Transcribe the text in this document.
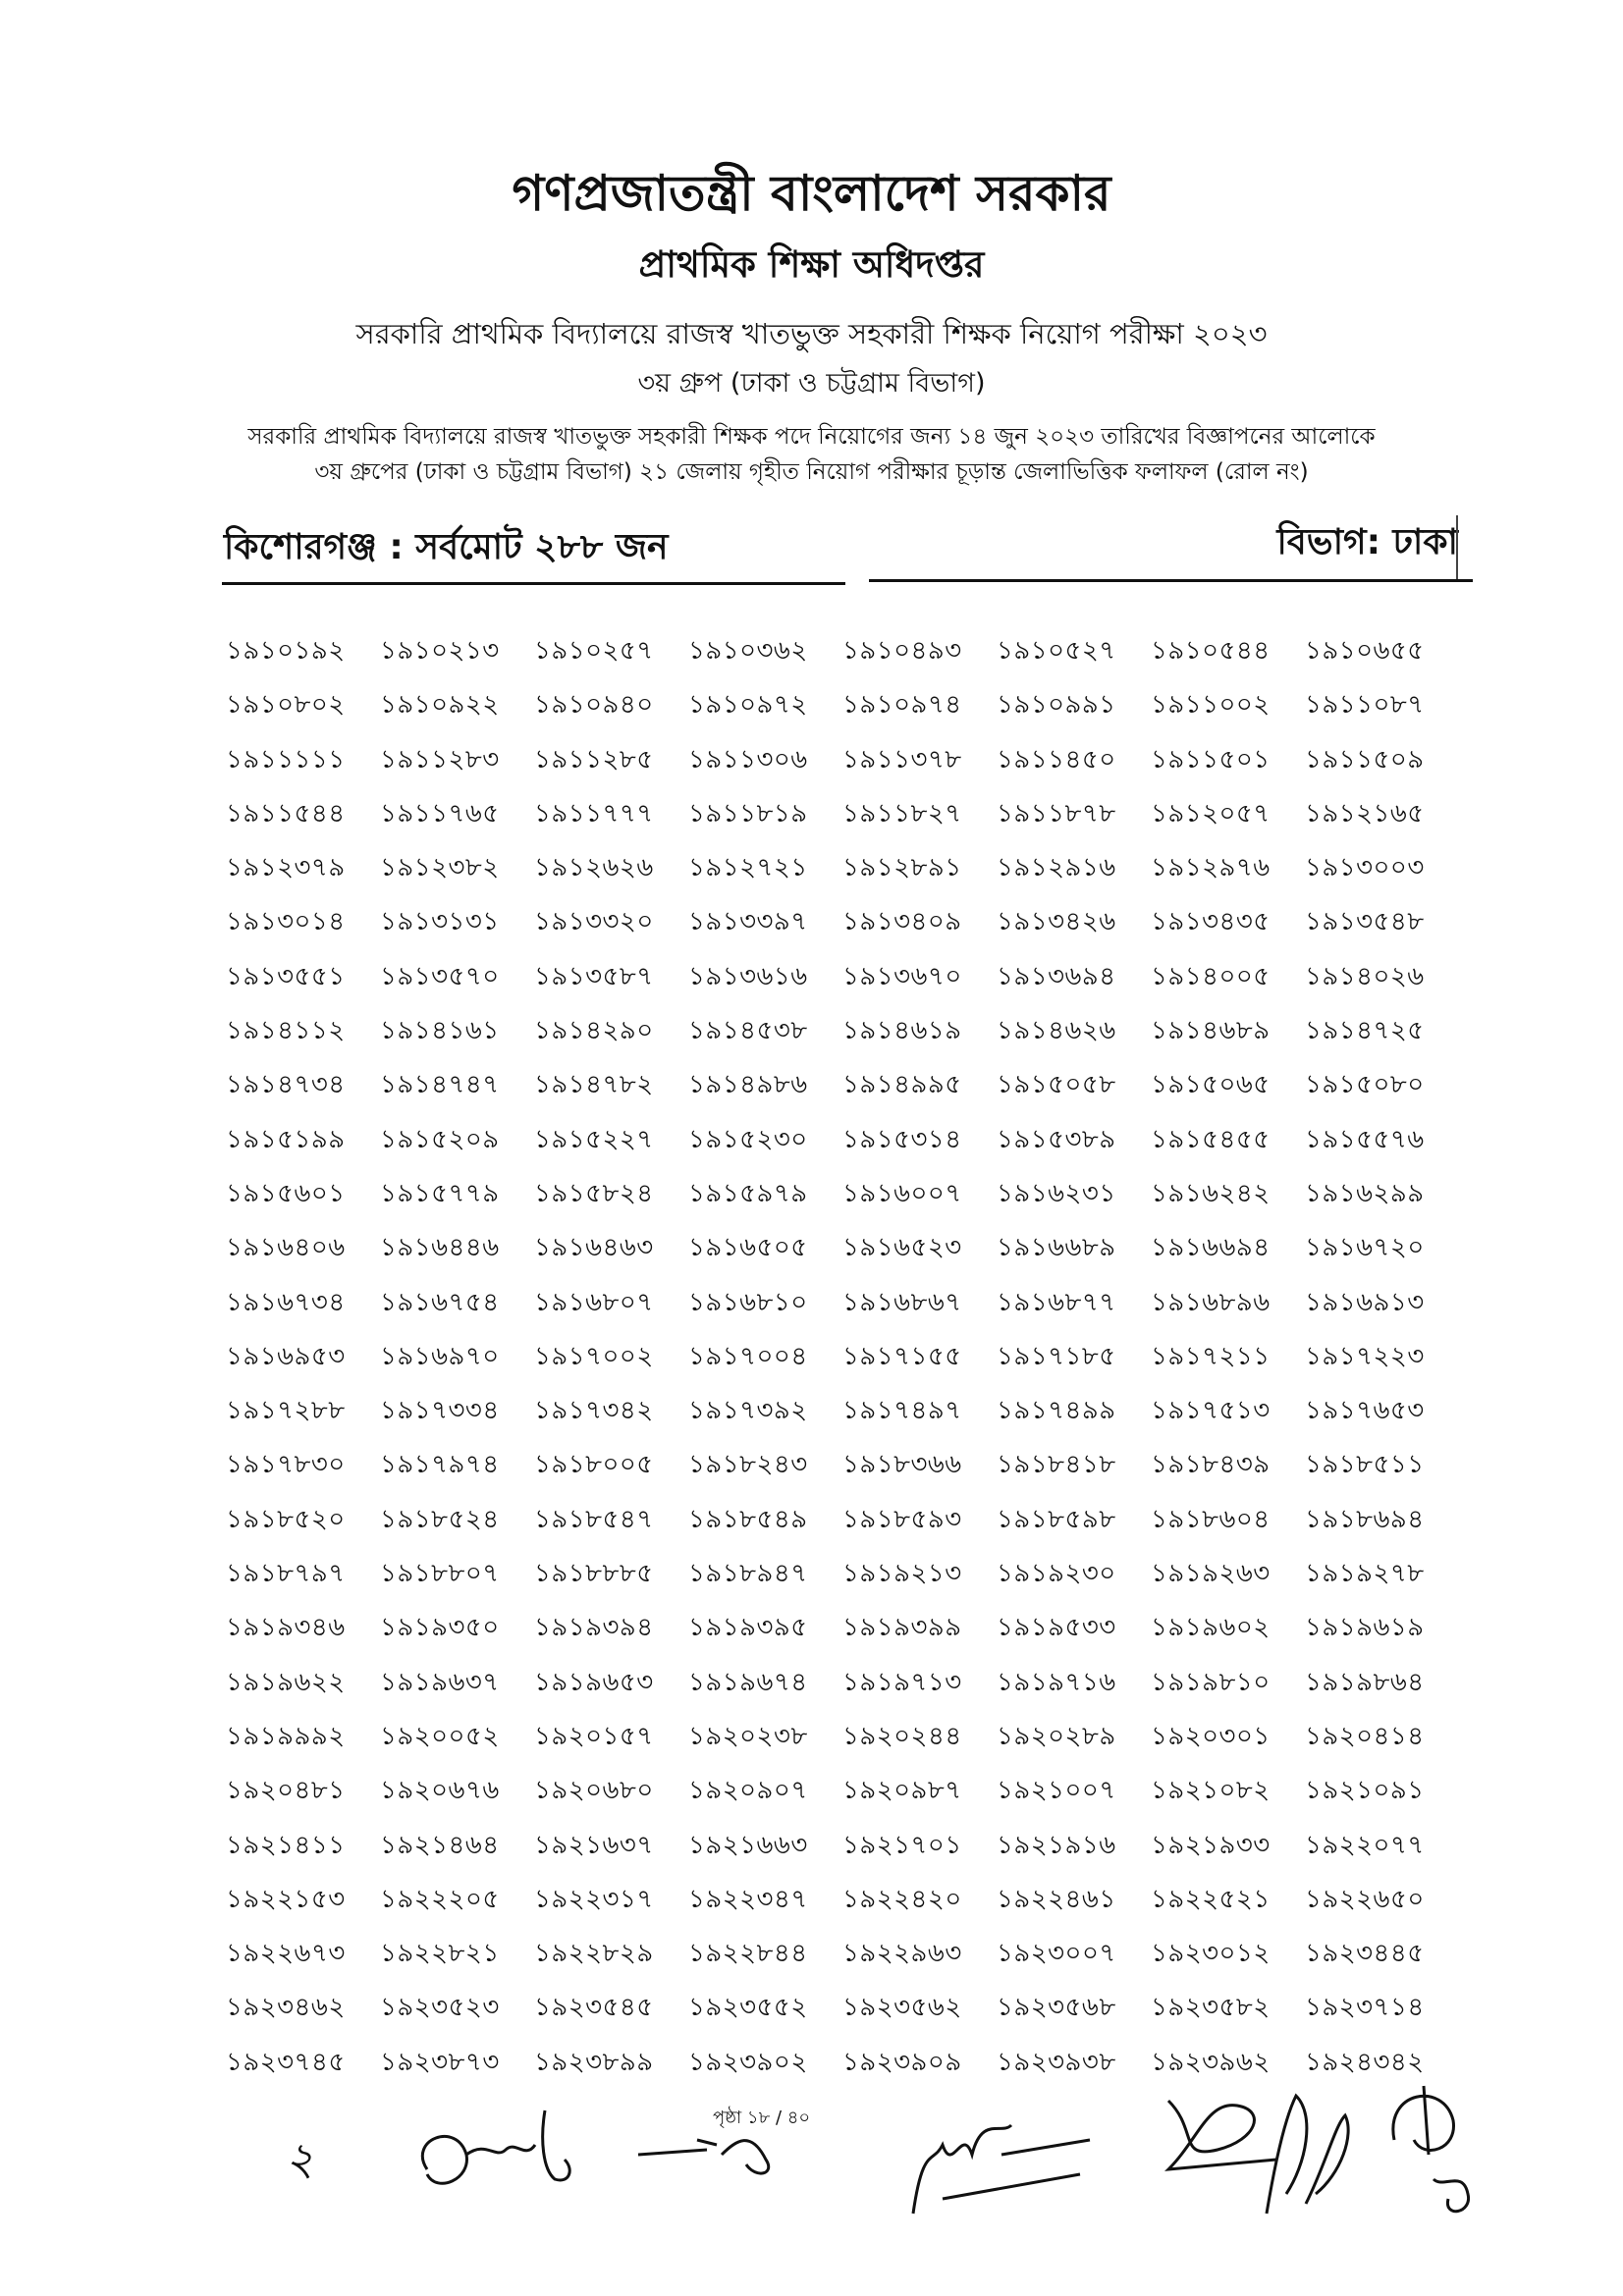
গণপ্রজাতন্ত্রী বাংলাদেশ সরকার
প্রাথমিক শিক্ষা অধিদপ্তর
সরকারি প্রাথমিক বিদ্যালয়ে রাজস্ব খাতভুক্ত সহকারী শিক্ষক নিয়োগ পরীক্ষা ২০২৩
৩য় গ্রুপ (ঢাকা ও চট্টগ্রাম বিভাগ)
সরকারি প্রাথমিক বিদ্যালয়ে রাজস্ব খাতভুক্ত সহকারী শিক্ষক পদে নিয়োগের জন্য ১৪ জুন ২০২৩ তারিখের বিজ্ঞাপনের আলোকে
৩য় গ্রুপের (ঢাকা ও চট্টগ্রাম বিভাগ) ২১ জেলায় গৃহীত নিয়োগ পরীক্ষার চূড়ান্ত জেলাভিত্তিক ফলাফল (রোল নং)
কিশোরগঞ্জ : সর্বমোট ২৮৮ জন	বিভাগ: ঢাকা
১৯১০১৯২	১৯১০২১৩	১৯১০২৫৭	১৯১০৩৬২	১৯১০৪৯৩	১৯১০৫২৭	১৯১০৫৪৪	১৯১০৬৫৫
১৯১০৮০২	১৯১০৯২২	১৯১০৯৪০	১৯১০৯৭২	১৯১০৯৭৪	১৯১০৯৯১	১৯১১০০২	১৯১১০৮৭
১৯১১১১১	১৯১১২৮৩	১৯১১২৮৫	১৯১১৩০৬	১৯১১৩৭৮	১৯১১৪৫০	১৯১১৫০১	১৯১১৫০৯
১৯১১৫৪৪	১৯১১৭৬৫	১৯১১৭৭৭	১৯১১৮১৯	১৯১১৮২৭	১৯১১৮৭৮	১৯১২০৫৭	১৯১২১৬৫
১৯১২৩৭৯	১৯১২৩৮২	১৯১২৬২৬	১৯১২৭২১	১৯১২৮৯১	১৯১২৯১৬	১৯১২৯৭৬	১৯১৩০০৩
১৯১৩০১৪	১৯১৩১৩১	১৯১৩৩২০	১৯১৩৩৯৭	১৯১৩৪০৯	১৯১৩৪২৬	১৯১৩৪৩৫	১৯১৩৫৪৮
১৯১৩৫৫১	১৯১৩৫৭০	১৯১৩৫৮৭	১৯১৩৬১৬	১৯১৩৬৭০	১৯১৩৬৯৪	১৯১৪০০৫	১৯১৪০২৬
১৯১৪১১২	১৯১৪১৬১	১৯১৪২৯০	১৯১৪৫৩৮	১৯১৪৬১৯	১৯১৪৬২৬	১৯১৪৬৮৯	১৯১৪৭২৫
১৯১৪৭৩৪	১৯১৪৭৪৭	১৯১৪৭৮২	১৯১৪৯৮৬	১৯১৪৯৯৫	১৯১৫০৫৮	১৯১৫০৬৫	১৯১৫০৮০
১৯১৫১৯৯	১৯১৫২০৯	১৯১৫২২৭	১৯১৫২৩০	১৯১৫৩১৪	১৯১৫৩৮৯	১৯১৫৪৫৫	১৯১৫৫৭৬
১৯১৫৬০১	১৯১৫৭৭৯	১৯১৫৮২৪	১৯১৫৯৭৯	১৯১৬০০৭	১৯১৬২৩১	১৯১৬২৪২	১৯১৬২৯৯
১৯১৬৪০৬	১৯১৬৪৪৬	১৯১৬৪৬৩	১৯১৬৫০৫	১৯১৬৫২৩	১৯১৬৬৮৯	১৯১৬৬৯৪	১৯১৬৭২০
১৯১৬৭৩৪	১৯১৬৭৫৪	১৯১৬৮০৭	১৯১৬৮১০	১৯১৬৮৬৭	১৯১৬৮৭৭	১৯১৬৮৯৬	১৯১৬৯১৩
১৯১৬৯৫৩	১৯১৬৯৭০	১৯১৭০০২	১৯১৭০০৪	১৯১৭১৫৫	১৯১৭১৮৫	১৯১৭২১১	১৯১৭২২৩
১৯১৭২৮৮	১৯১৭৩৩৪	১৯১৭৩৪২	১৯১৭৩৯২	১৯১৭৪৯৭	১৯১৭৪৯৯	১৯১৭৫১৩	১৯১৭৬৫৩
১৯১৭৮৩০	১৯১৭৯৭৪	১৯১৮০০৫	১৯১৮২৪৩	১৯১৮৩৬৬	১৯১৮৪১৮	১৯১৮৪৩৯	১৯১৮৫১১
১৯১৮৫২০	১৯১৮৫২৪	১৯১৮৫৪৭	১৯১৮৫৪৯	১৯১৮৫৯৩	১৯১৮৫৯৮	১৯১৮৬০৪	১৯১৮৬৯৪
১৯১৮৭৯৭	১৯১৮৮০৭	১৯১৮৮৮৫	১৯১৮৯৪৭	১৯১৯২১৩	১৯১৯২৩০	১৯১৯২৬৩	১৯১৯২৭৮
১৯১৯৩৪৬	১৯১৯৩৫০	১৯১৯৩৯৪	১৯১৯৩৯৫	১৯১৯৩৯৯	১৯১৯৫৩৩	১৯১৯৬০২	১৯১৯৬১৯
১৯১৯৬২২	১৯১৯৬৩৭	১৯১৯৬৫৩	১৯১৯৬৭৪	১৯১৯৭১৩	১৯১৯৭১৬	১৯১৯৮১০	১৯১৯৮৬৪
১৯১৯৯৯২	১৯২০০৫২	১৯২০১৫৭	১৯২০২৩৮	১৯২০২৪৪	১৯২০২৮৯	১৯২০৩০১	১৯২০৪১৪
১৯২০৪৮১	১৯২০৬৭৬	১৯২০৬৮০	১৯২০৯০৭	১৯২০৯৮৭	১৯২১০০৭	১৯২১০৮২	১৯২১০৯১
১৯২১৪১১	১৯২১৪৬৪	১৯২১৬৩৭	১৯২১৬৬৩	১৯২১৭০১	১৯২১৯১৬	১৯২১৯৩৩	১৯২২০৭৭
১৯২২১৫৩	১৯২২২০৫	১৯২২৩১৭	১৯২২৩৪৭	১৯২২৪২০	১৯২২৪৬১	১৯২২৫২১	১৯২২৬৫০
১৯২২৬৭৩	১৯২২৮২১	১৯২২৮২৯	১৯২২৮৪৪	১৯২২৯৬৩	১৯২৩০০৭	১৯২৩০১২	১৯২৩৪৪৫
১৯২৩৪৬২	১৯২৩৫২৩	১৯২৩৫৪৫	১৯২৩৫৫২	১৯২৩৫৬২	১৯২৩৫৬৮	১৯২৩৫৮২	১৯২৩৭১৪
১৯২৩৭৪৫	১৯২৩৮৭৩	১৯২৩৮৯৯	১৯২৩৯০২	১৯২৩৯০৯	১৯২৩৯৩৮	১৯২৩৯৬২	১৯২৪৩৪২
পৃষ্ঠা ১৮ / ৪০
২
